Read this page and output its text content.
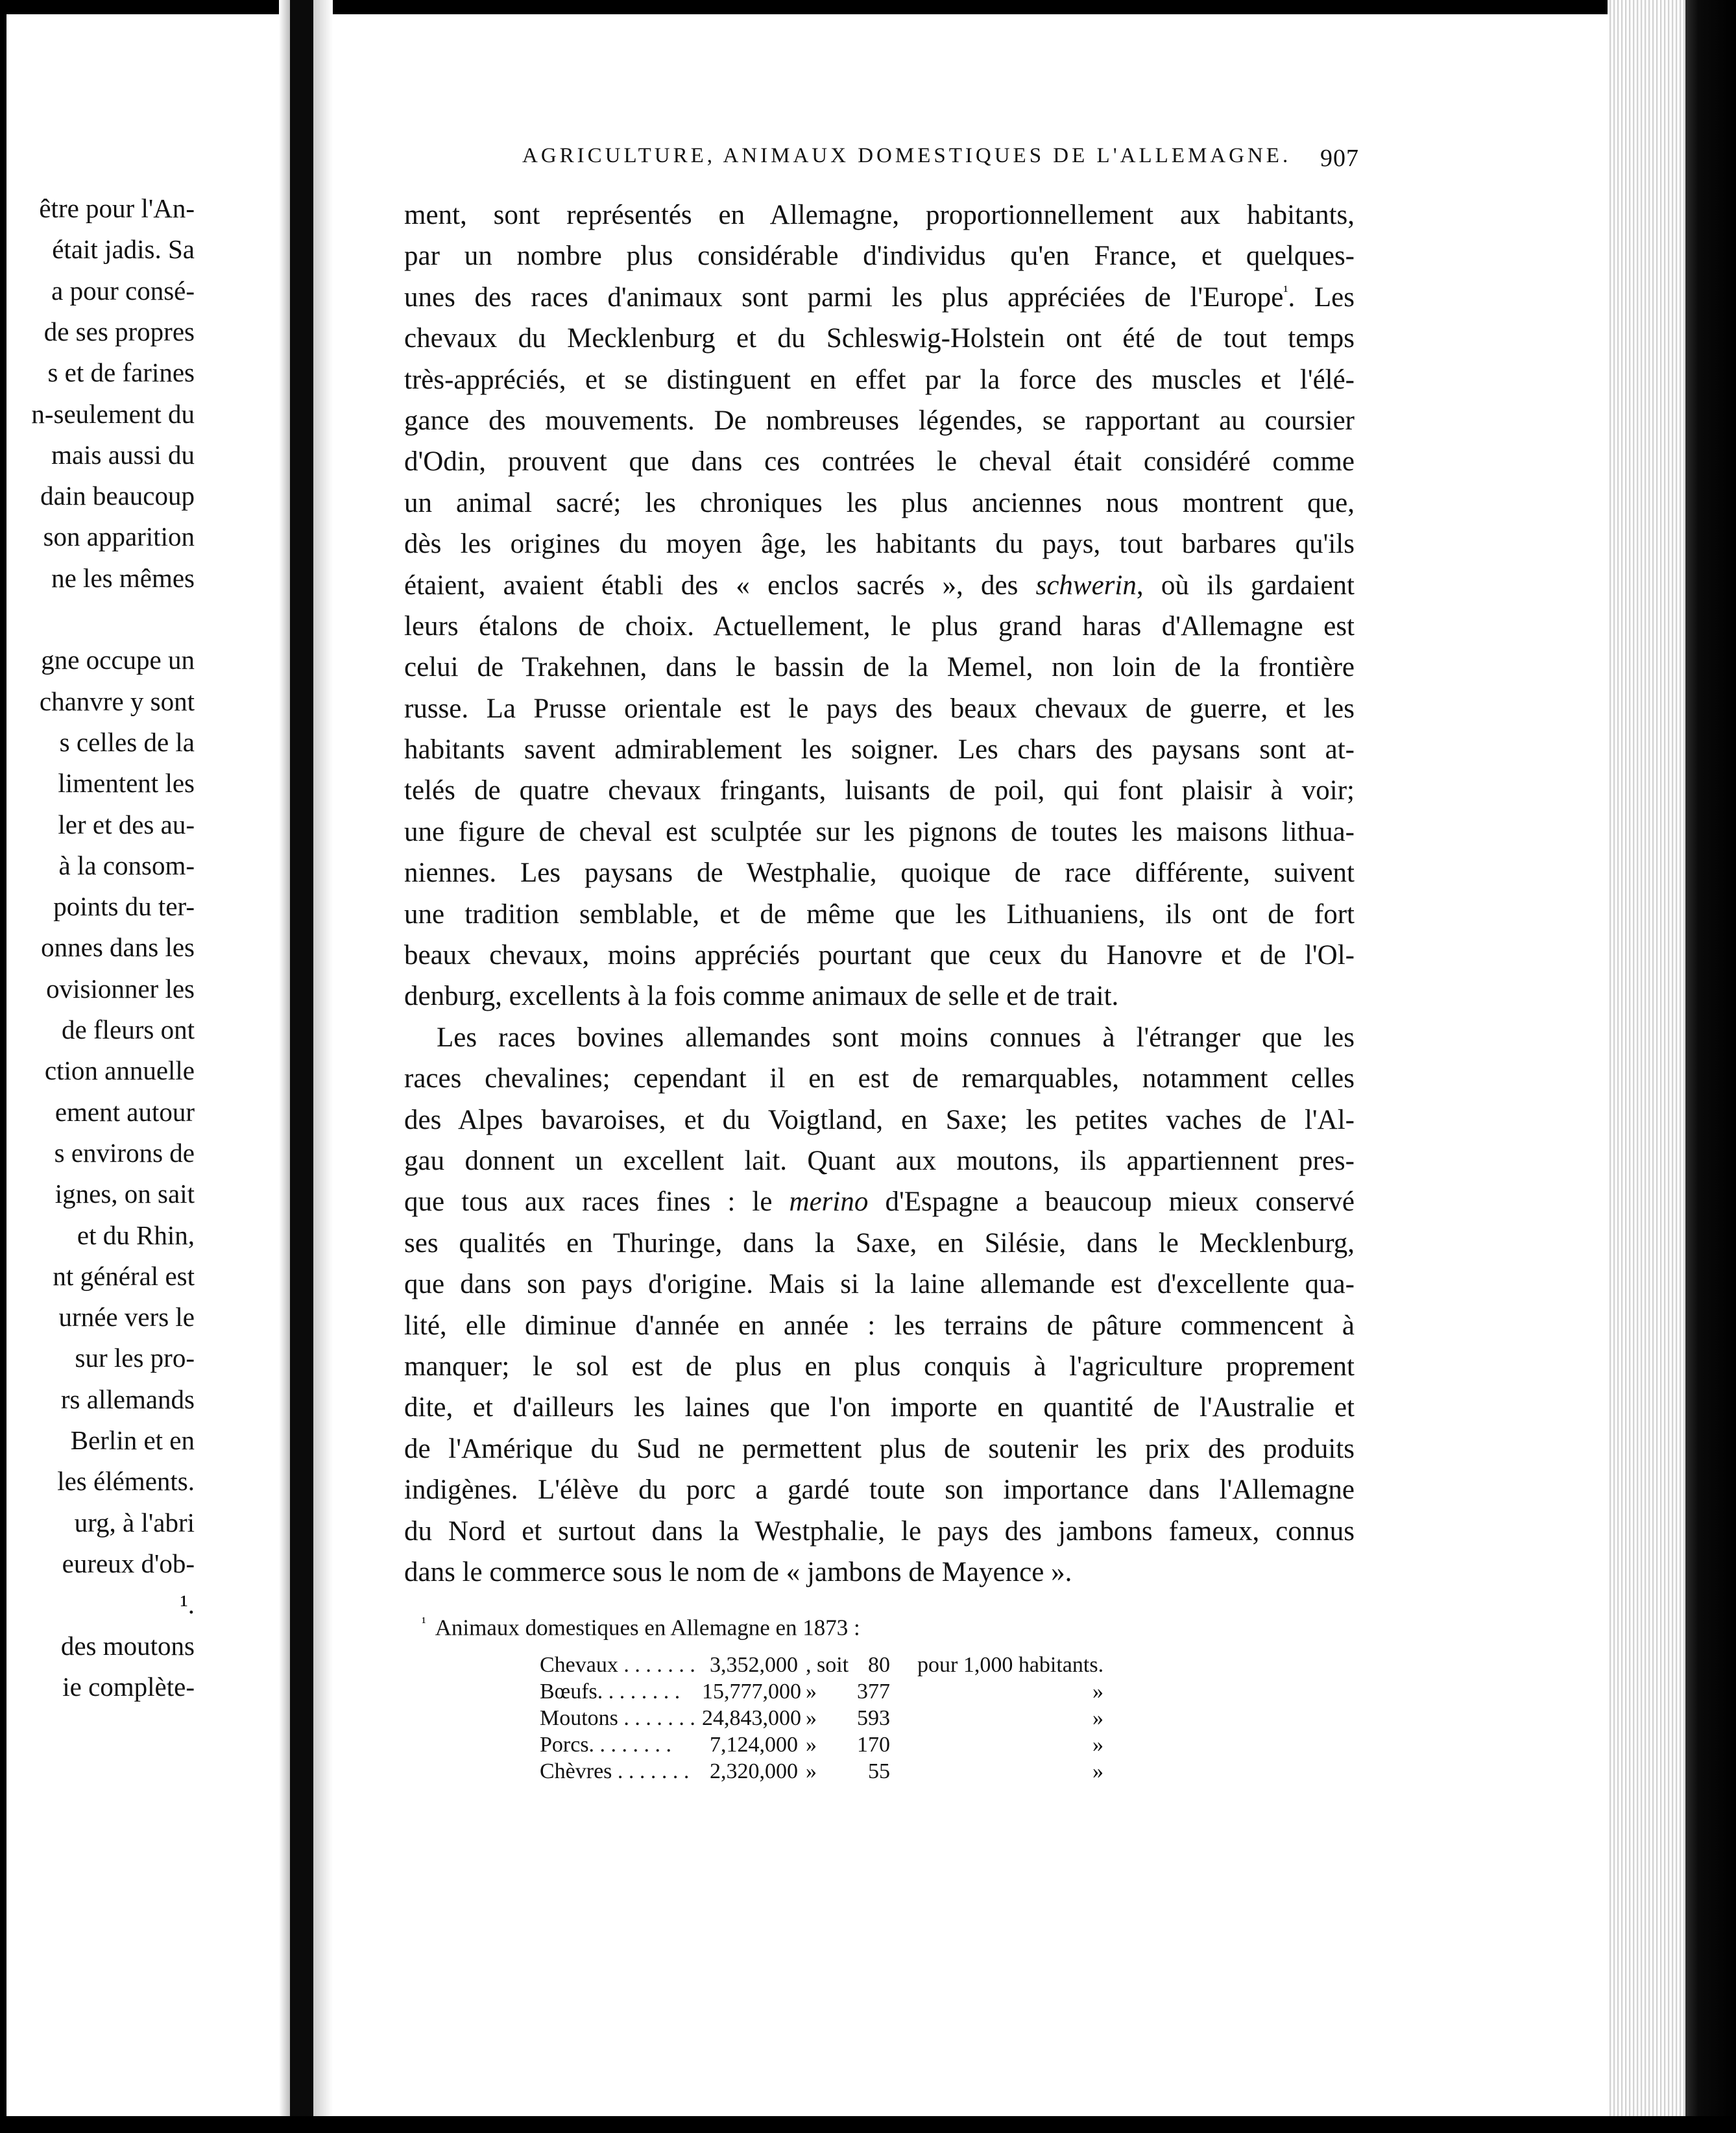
être pour l'An-
était jadis. Sa
a pour consé-
de ses propres
s et de farines
n-seulement du
mais aussi du
dain beaucoup
son apparition
ne les mêmes
gne occupe un
chanvre y sont
s celles de la
limentent les
ler et des au-
à la consom-
points du ter-
onnes dans les
ovisionner les
de fleurs ont
ction annuelle
ement autour
s environs de
ignes, on sait
et du Rhin,
nt général est
urnée vers le
sur les pro-
rs allemands
Berlin et en
les éléments.
urg, à l'abri
eureux d'ob-
¹.
des moutons
ie complète-
AGRICULTURE, ANIMAUX DOMESTIQUES DE L'ALLEMAGNE. 907
ment, sont représentés en Allemagne, proportionnellement aux habitants,
par un nombre plus considérable d'individus qu'en France, et quelques-
unes des races d'animaux sont parmi les plus appréciées de l'Europe$^{^1}$. Les
chevaux du Mecklenburg et du Schleswig-Holstein ont été de tout temps
très-appréciés, et se distinguent en effet par la force des muscles et l'élé-
gance des mouvements. De nombreuses légendes, se rapportant au coursier
d'Odin, prouvent que dans ces contrées le cheval était considéré comme
un animal sacré; les chroniques les plus anciennes nous montrent que,
dès les origines du moyen âge, les habitants du pays, tout barbares qu'ils
étaient, avaient établi des « enclos sacrés », des schwerin, où ils gardaient
leurs étalons de choix. Actuellement, le plus grand haras d'Allemagne est
celui de Trakehnen, dans le bassin de la Memel, non loin de la frontière
russe. La Prusse orientale est le pays des beaux chevaux de guerre, et les
habitants savent admirablement les soigner. Les chars des paysans sont at-
telés de quatre chevaux fringants, luisants de poil, qui font plaisir à voir;
une figure de cheval est sculptée sur les pignons de toutes les maisons lithua-
niennes. Les paysans de Westphalie, quoique de race différente, suivent
une tradition semblable, et de même que les Lithuaniens, ils ont de fort
beaux chevaux, moins appréciés pourtant que ceux du Hanovre et de l'Ol-
denburg, excellents à la fois comme animaux de selle et de trait.
Les races bovines allemandes sont moins connues à l'étranger que les
races chevalines; cependant il en est de remarquables, notamment celles
des Alpes bavaroises, et du Voigtland, en Saxe; les petites vaches de l'Al-
gau donnent un excellent lait. Quant aux moutons, ils appartiennent pres-
que tous aux races fines : le merino d'Espagne a beaucoup mieux conservé
ses qualités en Thuringe, dans la Saxe, en Silésie, dans le Mecklenburg,
que dans son pays d'origine. Mais si la laine allemande est d'excellente qua-
lité, elle diminue d'année en année : les terrains de pâture commencent à
manquer; le sol est de plus en plus conquis à l'agriculture proprement
dite, et d'ailleurs les laines que l'on importe en quantité de l'Australie et
de l'Amérique du Sud ne permettent plus de soutenir les prix des produits
indigènes. L'élève du porc a gardé toute son importance dans l'Allemagne
du Nord et surtout dans la Westphalie, le pays des jambons fameux, connus
dans le commerce sous le nom de « jambons de Mayence ».
$^{^1}$ Animaux domestiques en Allemagne en 1873 :
Chevaux . . . . . . . 3,352,000 , soit 80 pour 1,000 habitants.
Bœufs. . . . . . . . 15,777,000 »	377	»
Moutons . . . . . . . 24,843,000 »	593	»
Porcs. . . . . . . .	7,124,000 »	170	»
Chèvres . . . . . . . 2,320,000 »	55	»
